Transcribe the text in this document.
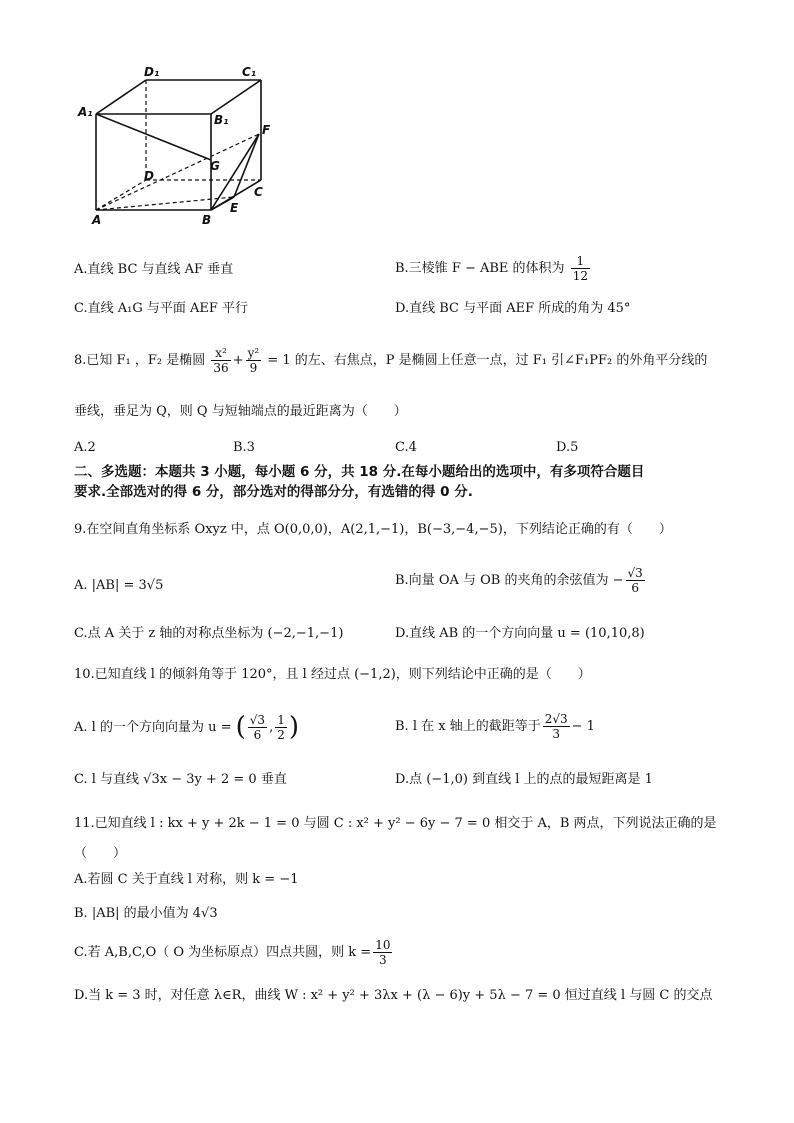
D₁	C₁
A₁
B₁
F
G
D
C
A	B
E
A.直线 BC 与直线 AF 垂直	B.三棱锥 F − ABE 的体积为 $\frac{1}{12}$
C.直线 A₁G 与平面 AEF 平行	D.直线 BC 与平面 AEF 所成的角为 45°
8.已知 F₁ ，F₂ 是椭圆 $\frac{\text{x²}}{36} + \frac{\text{y²}}{9} = 1$ 的左、右焦点，P 是椭圆上任意一点，过 F₁ 引∠F₁PF₂ 的外角平分线的
垂线，垂足为 Q，则 Q 与短轴端点的最近距离为（　　）
A.2	B.3	C.4	D.5
二、多选题：本题共 3 小题，每小题 6 分，共 18 分.在每小题给出的选项中，有多项符合题目
要求.全部选对的得 6 分，部分选对的得部分分，有选错的得 0 分.
9.在空间直角坐标系 Oxyz 中，点 O(0,0,0)，A(2,1,−1)，B(−3,−4,−5)，下列结论正确的有（　　）
A. |AB| = 3√5	B.向量 OA 与 OB 的夹角的余弦值为 − $\frac{√3}{6}$
C.点 A 关于 z 轴的对称点坐标为 (−2,−1,−1)	D.直线 AB 的一个方向向量 u = (10,10,8)
10.已知直线 l 的倾斜角等于 120°，且 l 经过点 (−1,2)，则下列结论中正确的是（　　）
A. l 的一个方向向量为 u = ( $\frac{√3}{6}$ , $\frac{1}{2}$ )	B. l 在 x 轴上的截距等于 $\frac{2√3}{3} - 1$
C. l 与直线 √3x − 3y + 2 = 0 垂直	D.点 (−1,0) 到直线 l 上的点的最短距离是 1
11.已知直线 l : kx + y + 2k − 1 = 0 与圆 C : x² + y² − 6y − 7 = 0 相交于 A，B 两点，下列说法正确的是
（　　）
A.若圆 C 关于直线 l 对称，则 k = −1
B. |AB| 的最小值为 4√3
C.若 A,B,C,O（ O 为坐标原点）四点共圆，则 $k = \frac{10}{3}$
D.当 k = 3 时，对任意 λ∈R，曲线 W : x² + y² + 3λx + (λ − 6)y + 5λ − 7 = 0 恒过直线 l 与圆 C 的交点
